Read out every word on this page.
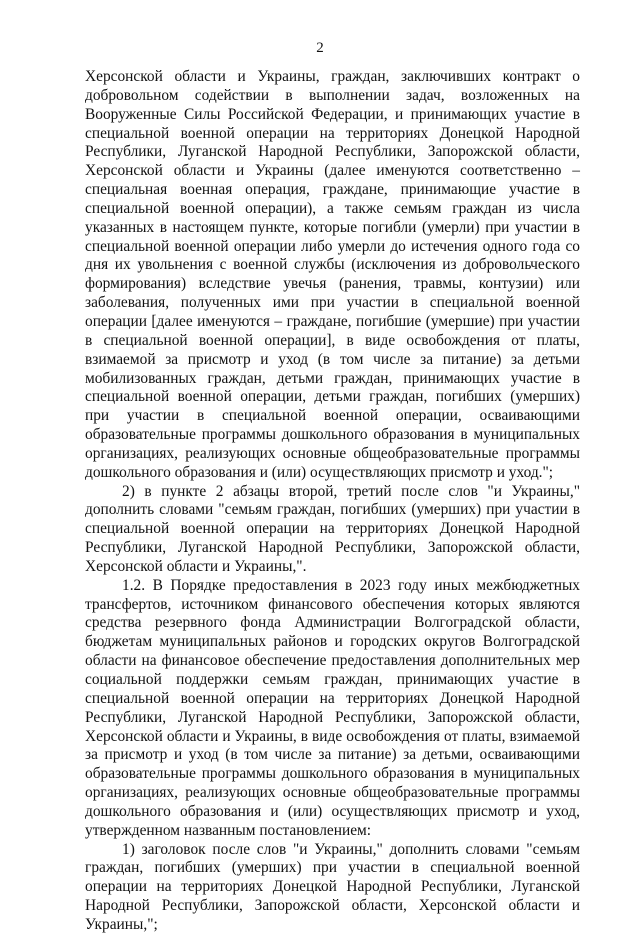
2

Херсонской области и Украины, граждан, заключивших контракт о добровольном содействии в выполнении задач, возложенных на Вооруженные Силы Российской Федерации, и принимающих участие в специальной военной операции на территориях Донецкой Народной Республики, Луганской Народной Республики, Запорожской области, Херсонской области и Украины (далее именуются соответственно – специальная военная операция, граждане, принимающие участие в специальной военной операции), а также семьям граждан из числа указанных в настоящем пункте, которые погибли (умерли) при участии в специальной военной операции либо умерли до истечения одного года со дня их увольнения с военной службы (исключения из добровольческого формирования) вследствие увечья (ранения, травмы, контузии) или заболевания, полученных ими при участии в специальной военной операции [далее именуются – граждане, погибшие (умершие) при участии в специальной военной операции], в виде освобождения от платы, взимаемой за присмотр и уход (в том числе за питание) за детьми мобилизованных граждан, детьми граждан, принимающих участие в специальной военной операции, детьми граждан, погибших (умерших) при участии в специальной военной операции, осваивающими образовательные программы дошкольного образования в муниципальных организациях, реализующих основные общеобразовательные программы дошкольного образования и (или) осуществляющих присмотр и уход.";

2) в пункте 2 абзацы второй, третий после слов "и Украины," дополнить словами "семьям граждан, погибших (умерших) при участии в специальной военной операции на территориях Донецкой Народной Республики, Луганской Народной Республики, Запорожской области, Херсонской области и Украины,".

1.2. В Порядке предоставления в 2023 году иных межбюджетных трансфертов, источником финансового обеспечения которых являются средства резервного фонда Администрации Волгоградской области, бюджетам муниципальных районов и городских округов Волгоградской области на финансовое обеспечение предоставления дополнительных мер социальной поддержки семьям граждан, принимающих участие в специальной военной операции на территориях Донецкой Народной Республики, Луганской Народной Республики, Запорожской области, Херсонской области и Украины, в виде освобождения от платы, взимаемой за присмотр и уход (в том числе за питание) за детьми, осваивающими образовательные программы дошкольного образования в муниципальных организациях, реализующих основные общеобразовательные программы дошкольного образования и (или) осуществляющих присмотр и уход, утвержденном названным постановлением:

1) заголовок после слов "и Украины," дополнить словами "семьям граждан, погибших (умерших) при участии в специальной военной операции на территориях Донецкой Народной Республики, Луганской Народной Республики, Запорожской области, Херсонской области и Украины,";
